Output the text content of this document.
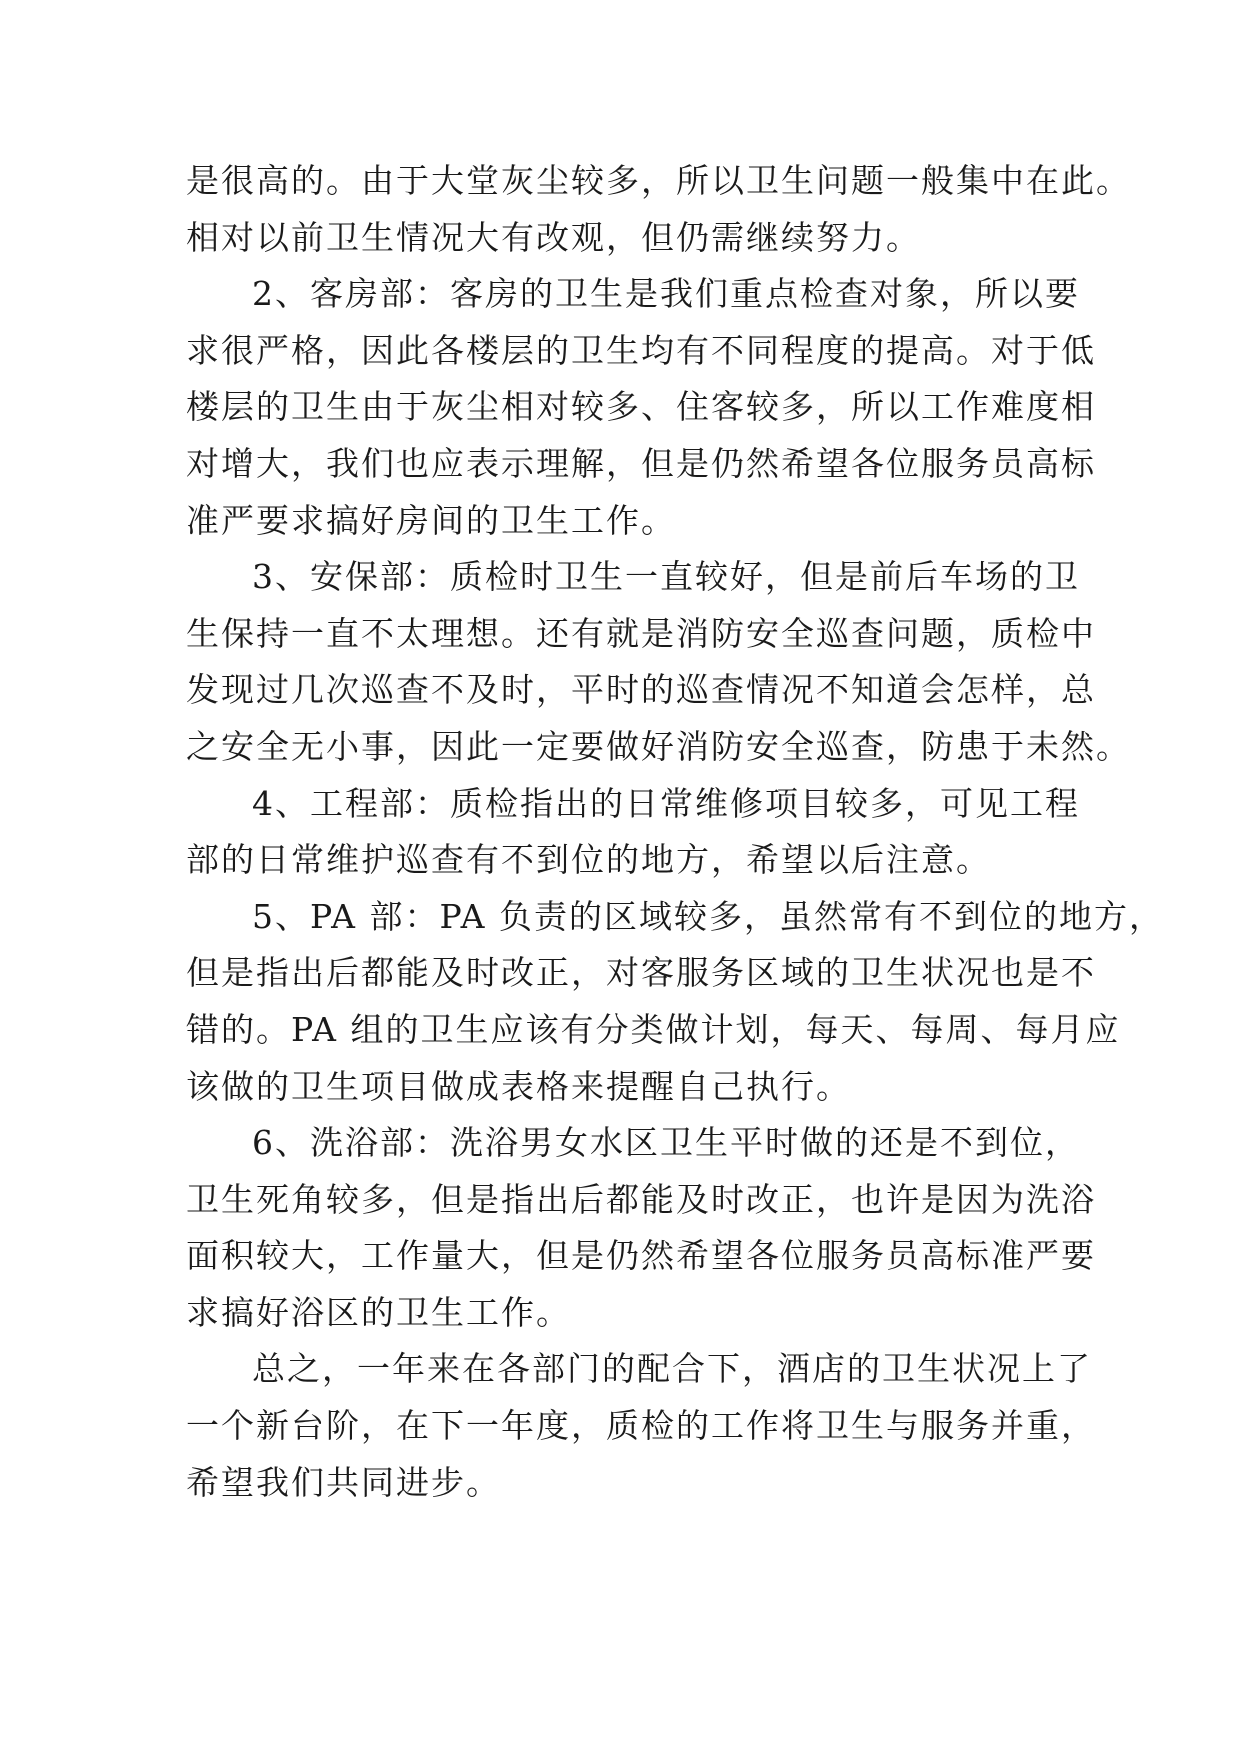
是很高的。由于大堂灰尘较多，所以卫生问题一般集中在此。
相对以前卫生情况大有改观，但仍需继续努力。
2、客房部：客房的卫生是我们重点检查对象，所以要
求很严格，因此各楼层的卫生均有不同程度的提高。对于低
楼层的卫生由于灰尘相对较多、住客较多，所以工作难度相
对增大，我们也应表示理解，但是仍然希望各位服务员高标
准严要求搞好房间的卫生工作。
3、安保部：质检时卫生一直较好，但是前后车场的卫
生保持一直不太理想。还有就是消防安全巡查问题，质检中
发现过几次巡查不及时，平时的巡查情况不知道会怎样，总
之安全无小事，因此一定要做好消防安全巡查，防患于未然。
4、工程部：质检指出的日常维修项目较多，可见工程
部的日常维护巡查有不到位的地方，希望以后注意。
5、PA 部：PA 负责的区域较多，虽然常有不到位的地方，
但是指出后都能及时改正，对客服务区域的卫生状况也是不
错的。PA 组的卫生应该有分类做计划，每天、每周、每月应
该做的卫生项目做成表格来提醒自己执行。
6、洗浴部：洗浴男女水区卫生平时做的还是不到位，
卫生死角较多，但是指出后都能及时改正，也许是因为洗浴
面积较大，工作量大，但是仍然希望各位服务员高标准严要
求搞好浴区的卫生工作。
总之，一年来在各部门的配合下，酒店的卫生状况上了
一个新台阶，在下一年度，质检的工作将卫生与服务并重，
希望我们共同进步。
